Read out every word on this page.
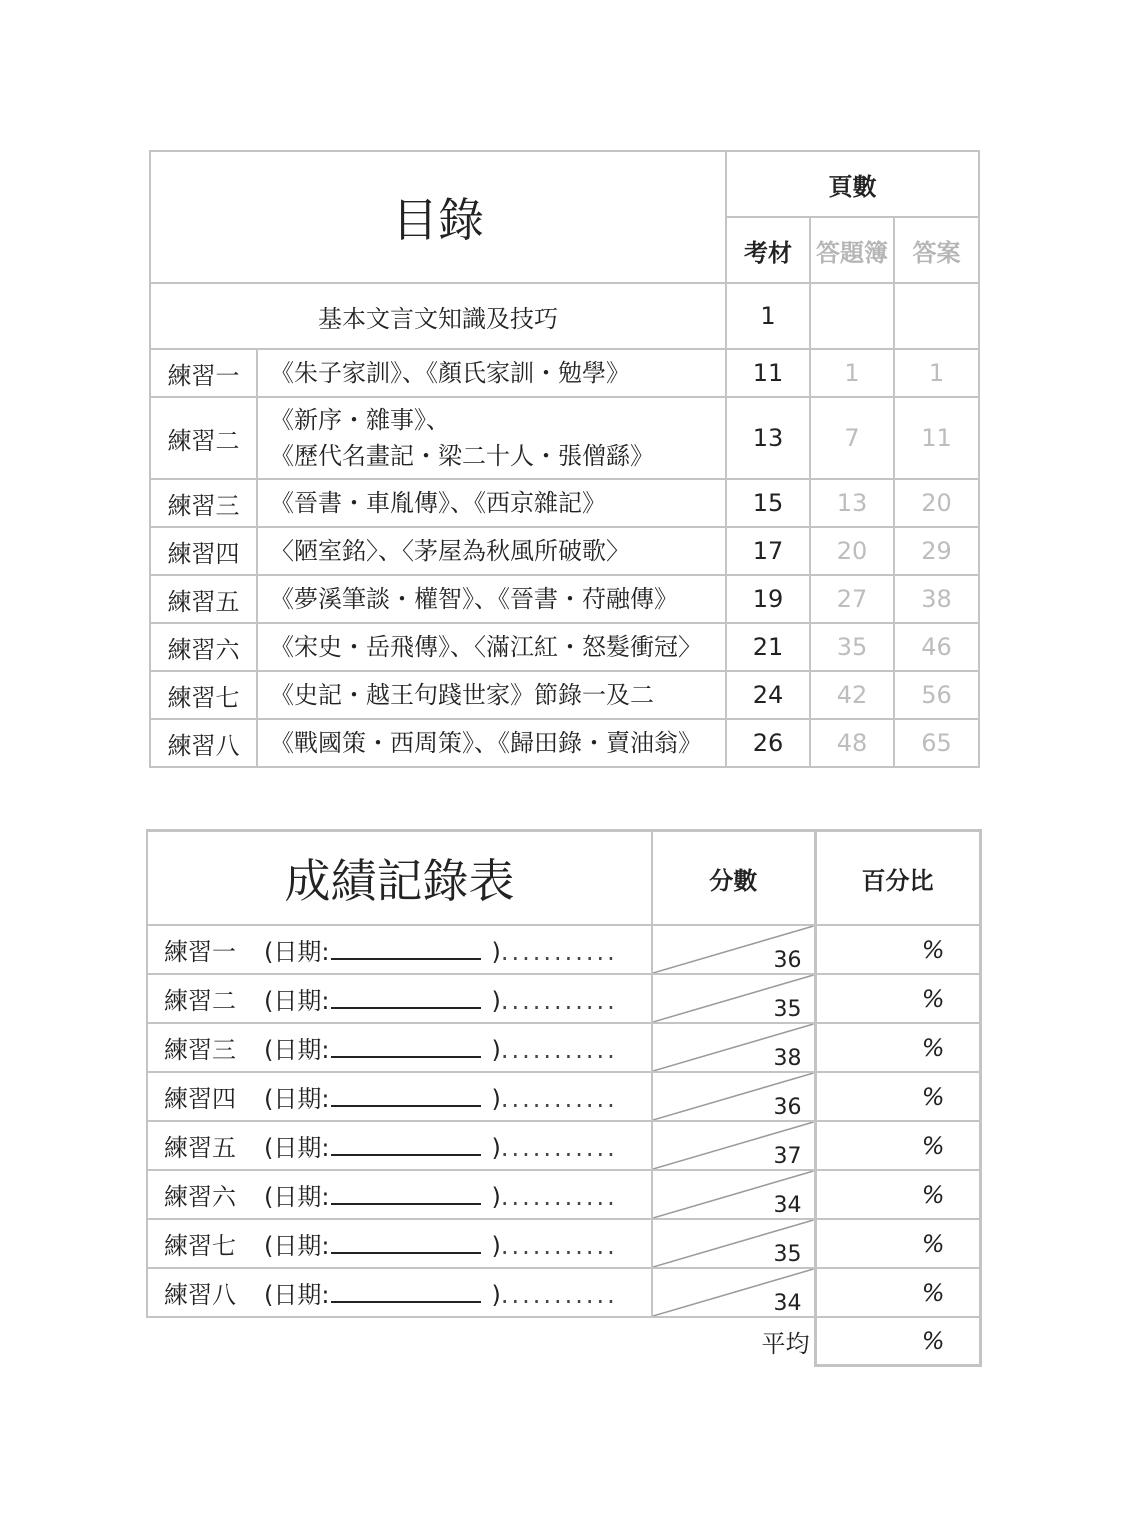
目錄		頁數		
		考材	答題簿	答案
基本文言文知識及技巧		1		
練習一	《朱子家訓》、《顏氏家訓・勉學》	11	1	1
練習二	《新序・雜事》、
《歷代名畫記・梁二十人・張僧繇》	13	7	11
練習三	《晉書・車胤傳》、《西京雜記》	15	13	20
練習四	〈陋室銘〉、〈茅屋為秋風所破歌〉	17	20	29
練習五	《夢溪筆談・權智》、《晉書・苻融傳》	19	27	38
練習六	《宋史・岳飛傳》、〈滿江紅・怒髮衝冠〉	21	35	46
練習七	《史記・越王句踐世家》節錄一及二	24	42	56
練習八	《戰國策・西周策》、《歸田錄・賣油翁》	26	48	65
成績記錄表	分數	百分比
練習一 (日期: )...........	36	%
練習二 (日期: )...........	35	%
練習三 (日期: )...........	38	%
練習四 (日期: )...........	36	%
練習五 (日期: )...........	37	%
練習六 (日期: )...........	34	%
練習七 (日期: )...........	35	%
練習八 (日期: )...........	34	%
	平均	%
